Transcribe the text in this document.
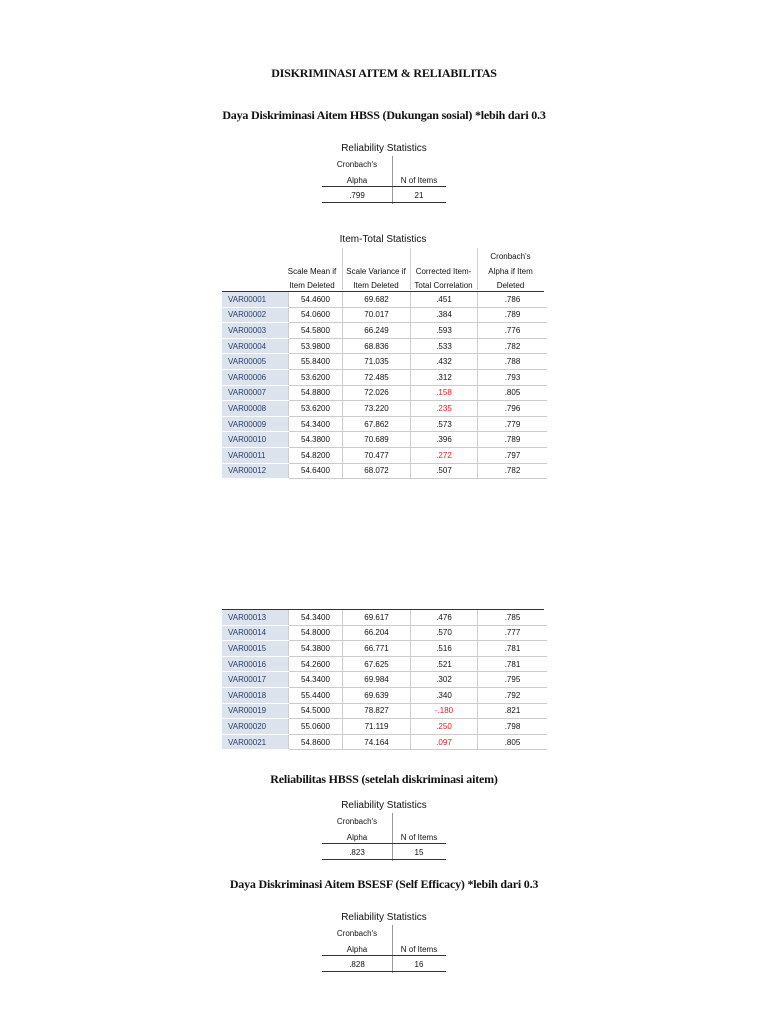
DISKRIMINASI AITEM & RELIABILITAS
Daya Diskriminasi Aitem HBSS (Dukungan sosial) *lebih dari 0.3
Reliability Statistics
Cronbach's
Alpha	N of Items
.799	21
Item-Total Statistics
Scale Mean if
Item Deleted
Scale Variance if
Item Deleted
Corrected Item-
Total Correlation
Cronbach's
Alpha if Item
Deleted
VAR00001	54.4600	69.682	.451	.786
VAR00002	54.0600	70.017	.384	.789
VAR00003	54.5800	66.249	.593	.776
VAR00004	53.9800	68.836	.533	.782
VAR00005	55.8400	71.035	.432	.788
VAR00006	53.6200	72.485	.312	.793
VAR00007	54.8800	72.026	.158	.805
VAR00008	53.6200	73.220	.235	.796
VAR00009	54.3400	67.862	.573	.779
VAR00010	54.3800	70.689	.396	.789
VAR00011	54.8200	70.477	.272	.797
VAR00012	54.6400	68.072	.507	.782
VAR00013	54.3400	69.617	.476	.785
VAR00014	54.8000	66.204	.570	.777
VAR00015	54.3800	66.771	.516	.781
VAR00016	54.2600	67.625	.521	.781
VAR00017	54.3400	69.984	.302	.795
VAR00018	55.4400	69.639	.340	.792
VAR00019	54.5000	78.827	-.180	.821
VAR00020	55.0600	71.119	.250	.798
VAR00021	54.8600	74.164	.097	.805
Reliabilitas HBSS (setelah diskriminasi aitem)
Reliability Statistics
Cronbach's
Alpha	N of Items
.823	15
Daya Diskriminasi Aitem BSESF (Self Efficacy) *lebih dari 0.3
Reliability Statistics
Cronbach's
Alpha	N of Items
.828	16
